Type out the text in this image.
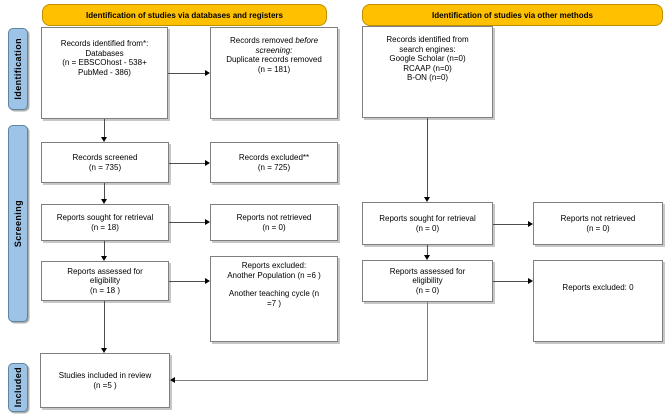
Identification of studies via databases and registers	Identification of studies via other methods
Identification
Screening
Included
Records identified from*:
Databases
(n = EBSCOhost - 538+
PubMed - 386)
Records removed before
screening:
Duplicate records removed
(n = 181)
Records identified from
search engines:
Google Scholar (n=0)
RCAAP (n=0)
B-ON (n=0)
Records screened
(n = 735)
Records excluded**
(n = 725)
Reports sought for retrieval
(n = 18)
Reports not retrieved
(n = 0)
Reports sought for retrieval
(n = 0)
Reports not retrieved
(n = 0)
Reports assessed for
eligibility
(n = 18 )
Reports excluded:
Another Population (n =6 )
Another teaching cycle (n
=7 )
Reports assessed for
eligibility
(n = 0)	Reports excluded: 0
Studies included in review
(n =5 )
